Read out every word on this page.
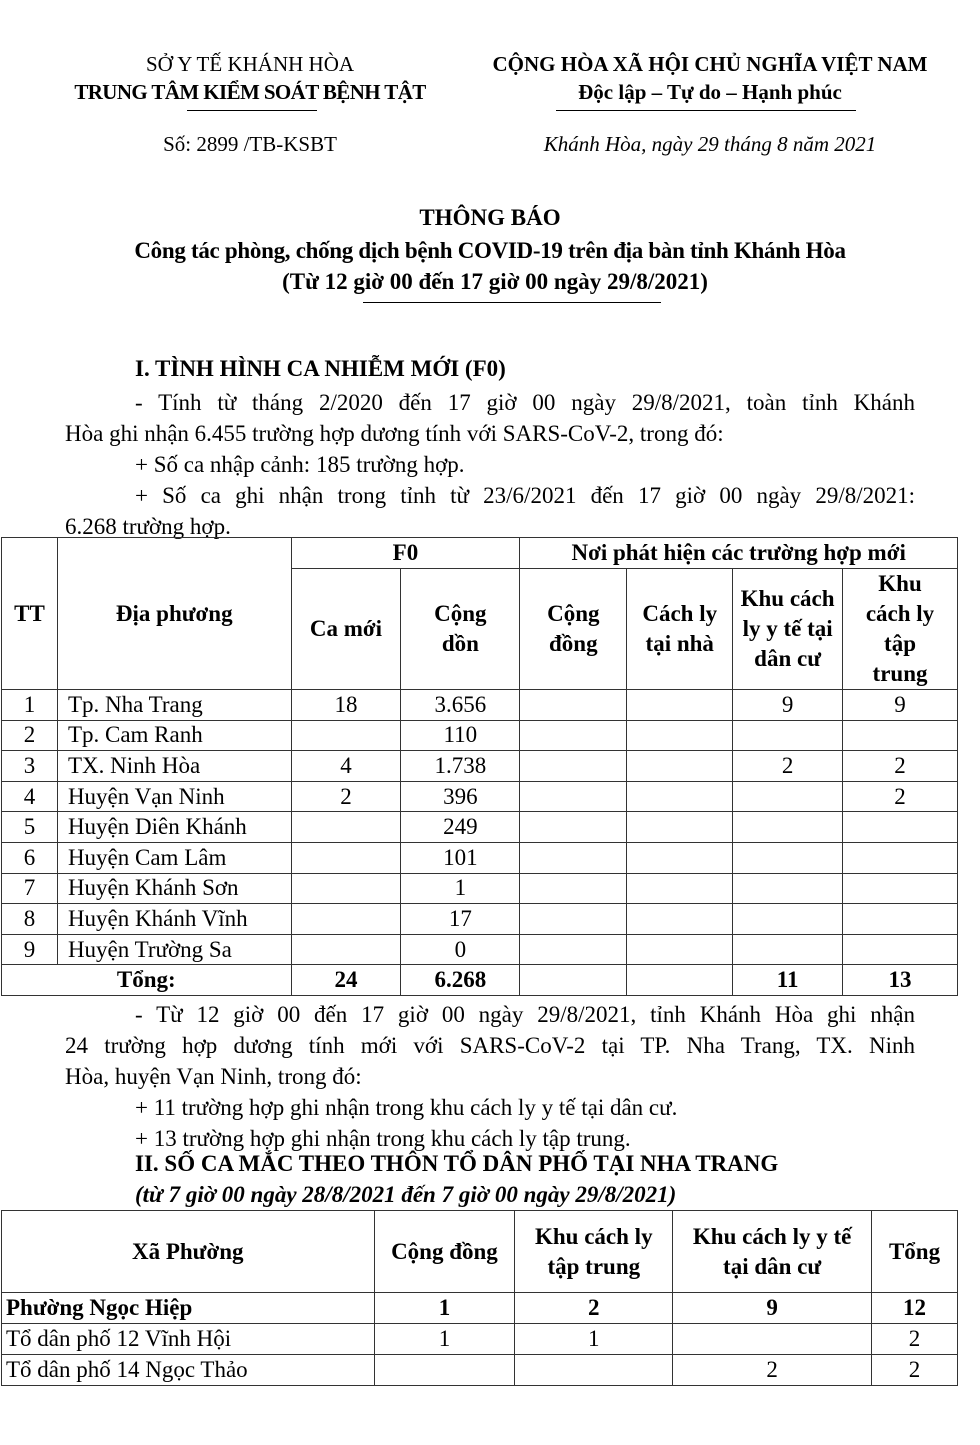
SỞ Y TẾ KHÁNH HÒA
TRUNG TÂM KIỂM SOÁT BỆNH TẬT
Số: 2899 /TB-KSBT
CỘNG HÒA XÃ HỘI CHỦ NGHĨA VIỆT NAM
Độc lập – Tự do – Hạnh phúc
Khánh Hòa, ngày 29 tháng 8 năm 2021
THÔNG BÁO
Công tác phòng, chống dịch bệnh COVID-19 trên địa bàn tỉnh Khánh Hòa
(Từ 12 giờ 00 đến 17 giờ 00 ngày 29/8/2021)
I. TÌNH HÌNH CA NHIỄM MỚI (F0)
- Tính từ tháng 2/2020 đến 17 giờ 00 ngày 29/8/2021, toàn tỉnh Khánh
Hòa ghi nhận 6.455 trường hợp dương tính với SARS-CoV-2, trong đó:
+ Số ca nhập cảnh: 185 trường hợp.
+ Số ca ghi nhận trong tỉnh từ 23/6/2021 đến 17 giờ 00 ngày 29/8/2021:
6.268 trường hợp.
TT	Địa phương	F0		Nơi phát hiện các trường hợp mới			
		Ca mới	Cộng dồn	Cộng đồng	Cách ly tại nhà	Khu cách ly y tế tại dân cư	Khu cách ly tập trung
1	Tp. Nha Trang	18	3.656			9	9
2	Tp. Cam Ranh		110				
3	TX. Ninh Hòa	4	1.738			2	2
4	Huyện Vạn Ninh	2	396				2
5	Huyện Diên Khánh		249				
6	Huyện Cam Lâm		101				
7	Huyện Khánh Sơn		1				
8	Huyện Khánh Vĩnh		17				
9	Huyện Trường Sa		0				
Tổng:		24	6.268			11	13
- Từ 12 giờ 00 đến 17 giờ 00 ngày 29/8/2021, tỉnh Khánh Hòa ghi nhận
24 trường hợp dương tính mới với SARS-CoV-2 tại TP. Nha Trang, TX. Ninh
Hòa, huyện Vạn Ninh, trong đó:
+ 11 trường hợp ghi nhận trong khu cách ly y tế tại dân cư.
+ 13 trường hợp ghi nhận trong khu cách ly tập trung.
II. SỐ CA MẮC THEO THÔN TỔ DÂN PHỐ TẠI NHA TRANG
(từ 7 giờ 00 ngày 28/8/2021 đến 7 giờ 00 ngày 29/8/2021)
Xã Phường	Cộng đồng	Khu cách ly tập trung	Khu cách ly y tế tại dân cư	Tổng
Phường Ngọc Hiệp	1	2	9	12
Tổ dân phố 12 Vĩnh Hội	1	1		2
Tổ dân phố 14 Ngọc Thảo			2	2
